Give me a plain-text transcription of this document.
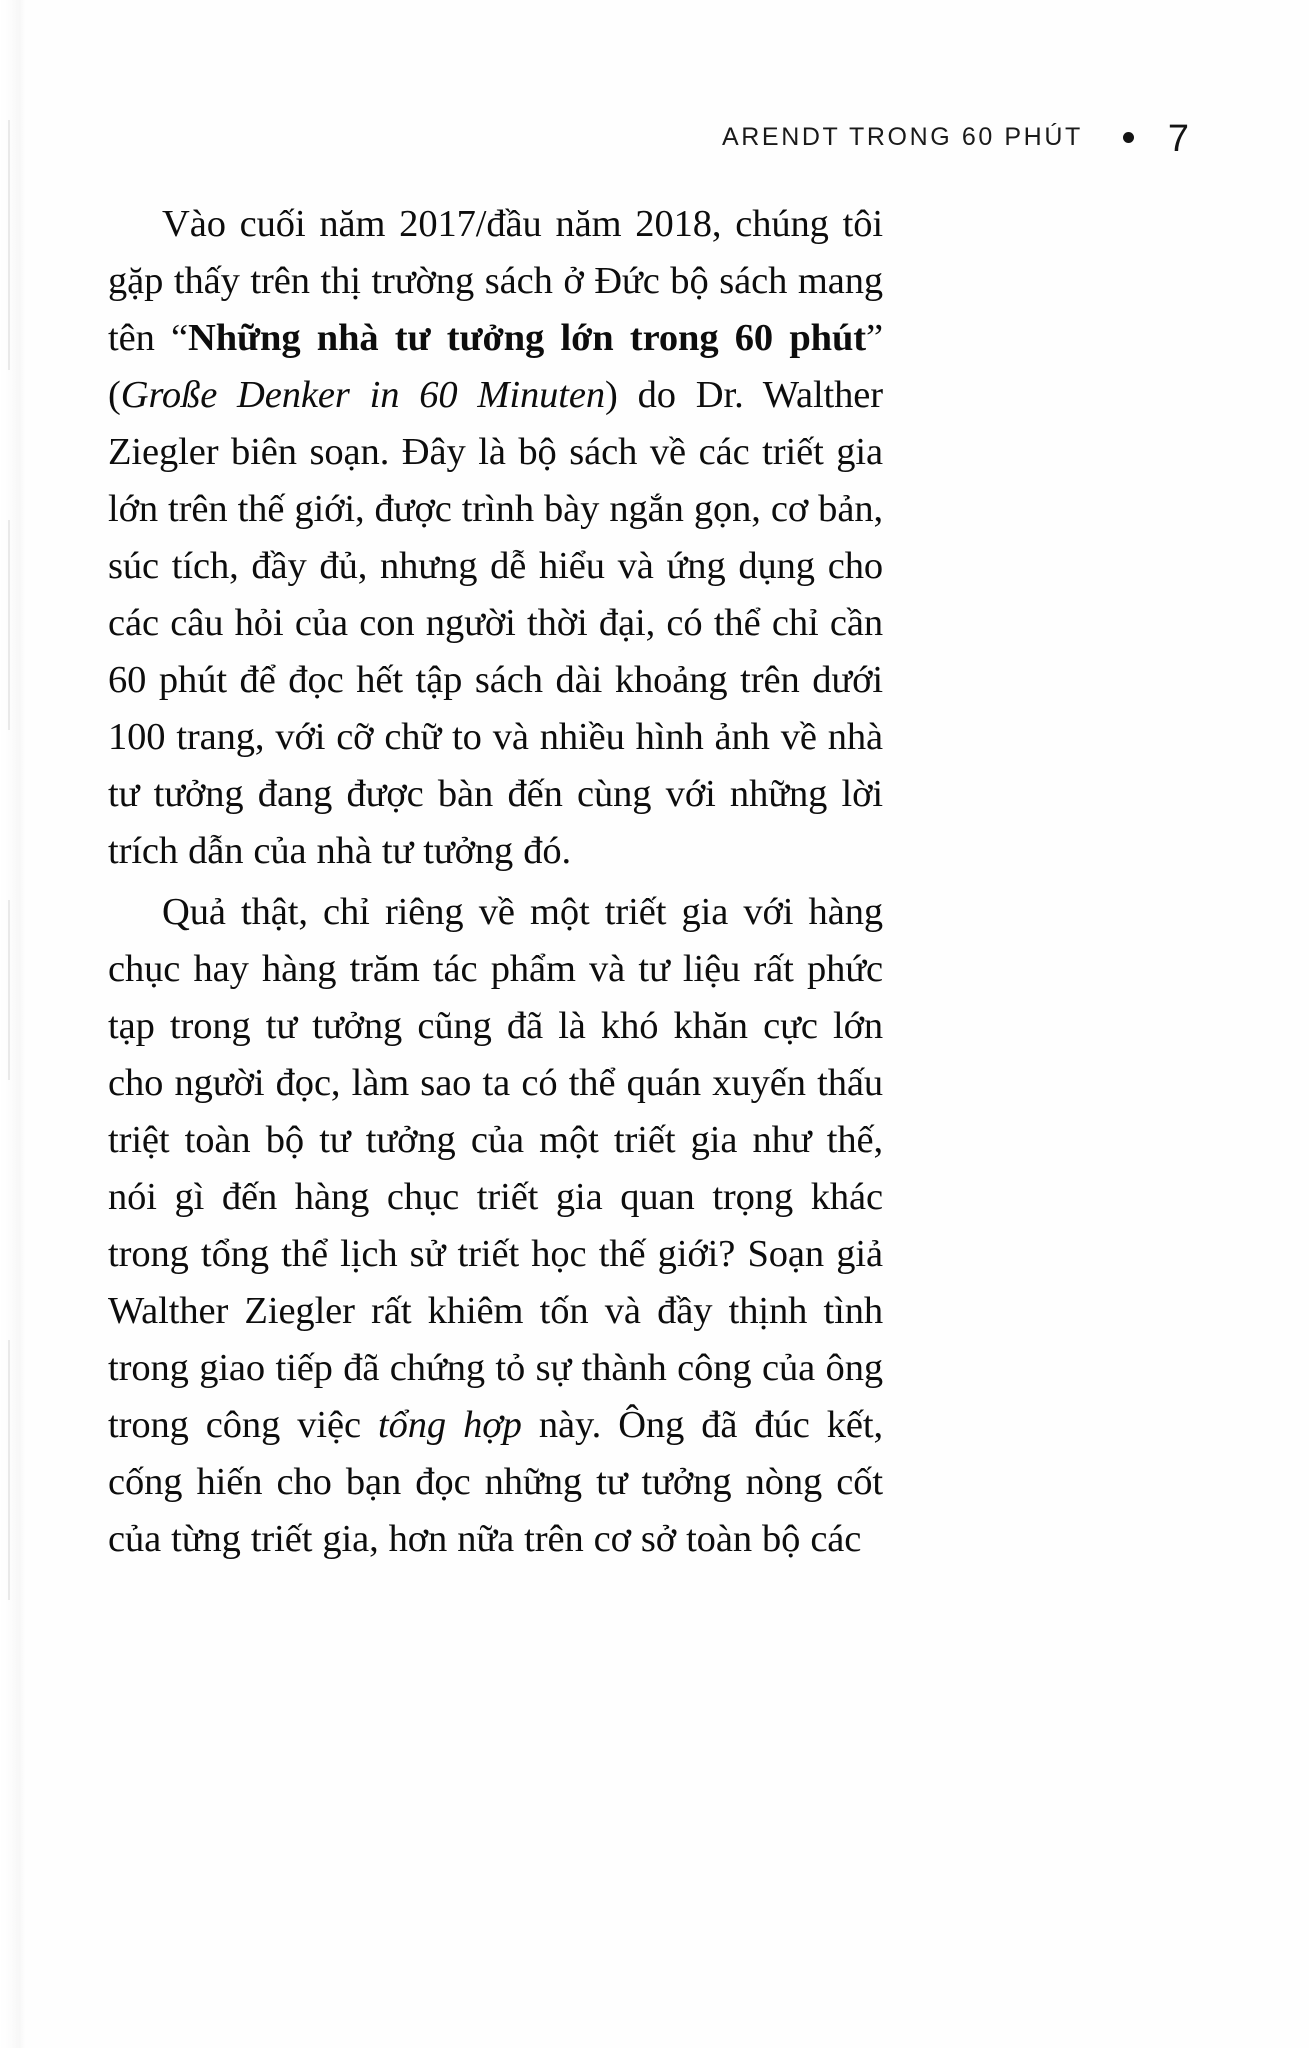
ARENDT TRONG 60 PHÚT 7

Vào cuối năm 2017/đầu năm 2018, chúng tôi gặp thấy trên thị trường sách ở Đức bộ sách mang tên “Những nhà tư tưởng lớn trong 60 phút” (Große Denker in 60 Minuten) do Dr. Walther Ziegler biên soạn. Đây là bộ sách về các triết gia lớn trên thế giới, được trình bày ngắn gọn, cơ bản, súc tích, đầy đủ, nhưng dễ hiểu và ứng dụng cho các câu hỏi của con người thời đại, có thể chỉ cần 60 phút để đọc hết tập sách dài khoảng trên dưới 100 trang, với cỡ chữ to và nhiều hình ảnh về nhà tư tưởng đang được bàn đến cùng với những lời trích dẫn của nhà tư tưởng đó.

Quả thật, chỉ riêng về một triết gia với hàng chục hay hàng trăm tác phẩm và tư liệu rất phức tạp trong tư tưởng cũng đã là khó khăn cực lớn cho người đọc, làm sao ta có thể quán xuyến thấu triệt toàn bộ tư tưởng của một triết gia như thế, nói gì đến hàng chục triết gia quan trọng khác trong tổng thể lịch sử triết học thế giới? Soạn giả Walther Ziegler rất khiêm tốn và đầy thịnh tình trong giao tiếp đã chứng tỏ sự thành công của ông trong công việc tổng hợp này. Ông đã đúc kết, cống hiến cho bạn đọc những tư tưởng nòng cốt của từng triết gia, hơn nữa trên cơ sở toàn bộ các
